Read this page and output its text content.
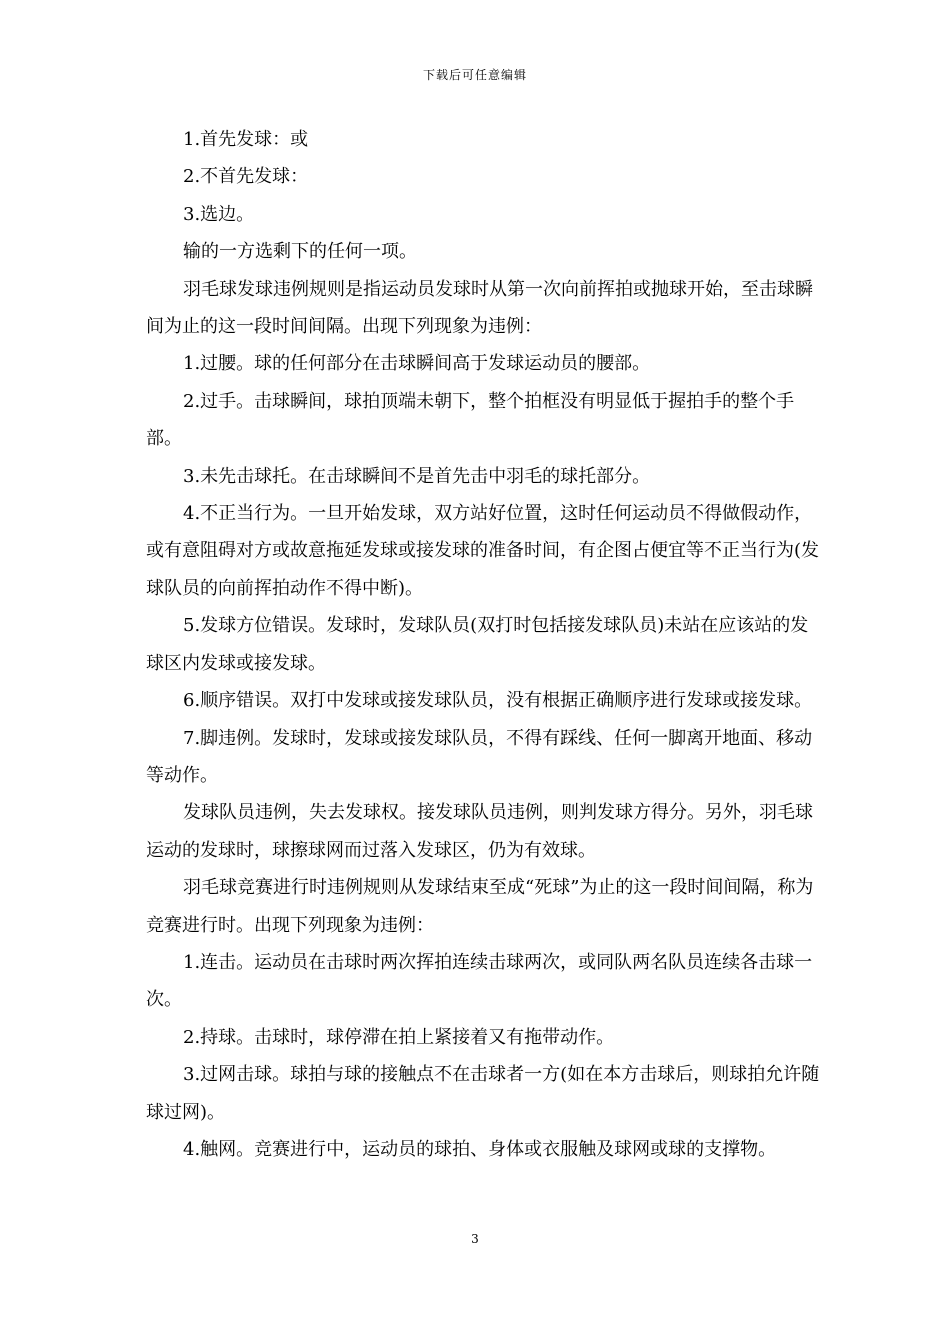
下载后可任意编辑

1.首先发球：或

2.不首先发球：

3.选边。

输的一方选剩下的任何一项。

羽毛球发球违例规则是指运动员发球时从第一次向前挥拍或抛球开始，至击球瞬间为止的这一段时间间隔。出现下列现象为违例：

1.过腰。球的任何部分在击球瞬间高于发球运动员的腰部。

2.过手。击球瞬间，球拍顶端未朝下，整个拍框没有明显低于握拍手的整个手部。

3.未先击球托。在击球瞬间不是首先击中羽毛的球托部分。

4.不正当行为。一旦开始发球，双方站好位置，这时任何运动员不得做假动作，或有意阻碍对方或故意拖延发球或接发球的准备时间，有企图占便宜等不正当行为(发球队员的向前挥拍动作不得中断)。

5.发球方位错误。发球时，发球队员(双打时包括接发球队员)未站在应该站的发球区内发球或接发球。

6.顺序错误。双打中发球或接发球队员，没有根据正确顺序进行发球或接发球。

7.脚违例。发球时，发球或接发球队员，不得有踩线、任何一脚离开地面、移动等动作。

发球队员违例，失去发球权。接发球队员违例，则判发球方得分。另外，羽毛球运动的发球时，球擦球网而过落入发球区，仍为有效球。

羽毛球竞赛进行时违例规则从发球结束至成“死球”为止的这一段时间间隔，称为竞赛进行时。出现下列现象为违例：

1.连击。运动员在击球时两次挥拍连续击球两次，或同队两名队员连续各击球一次。

2.持球。击球时，球停滞在拍上紧接着又有拖带动作。

3.过网击球。球拍与球的接触点不在击球者一方(如在本方击球后，则球拍允许随球过网)。

4.触网。竞赛进行中，运动员的球拍、身体或衣服触及球网或球的支撑物。

3
